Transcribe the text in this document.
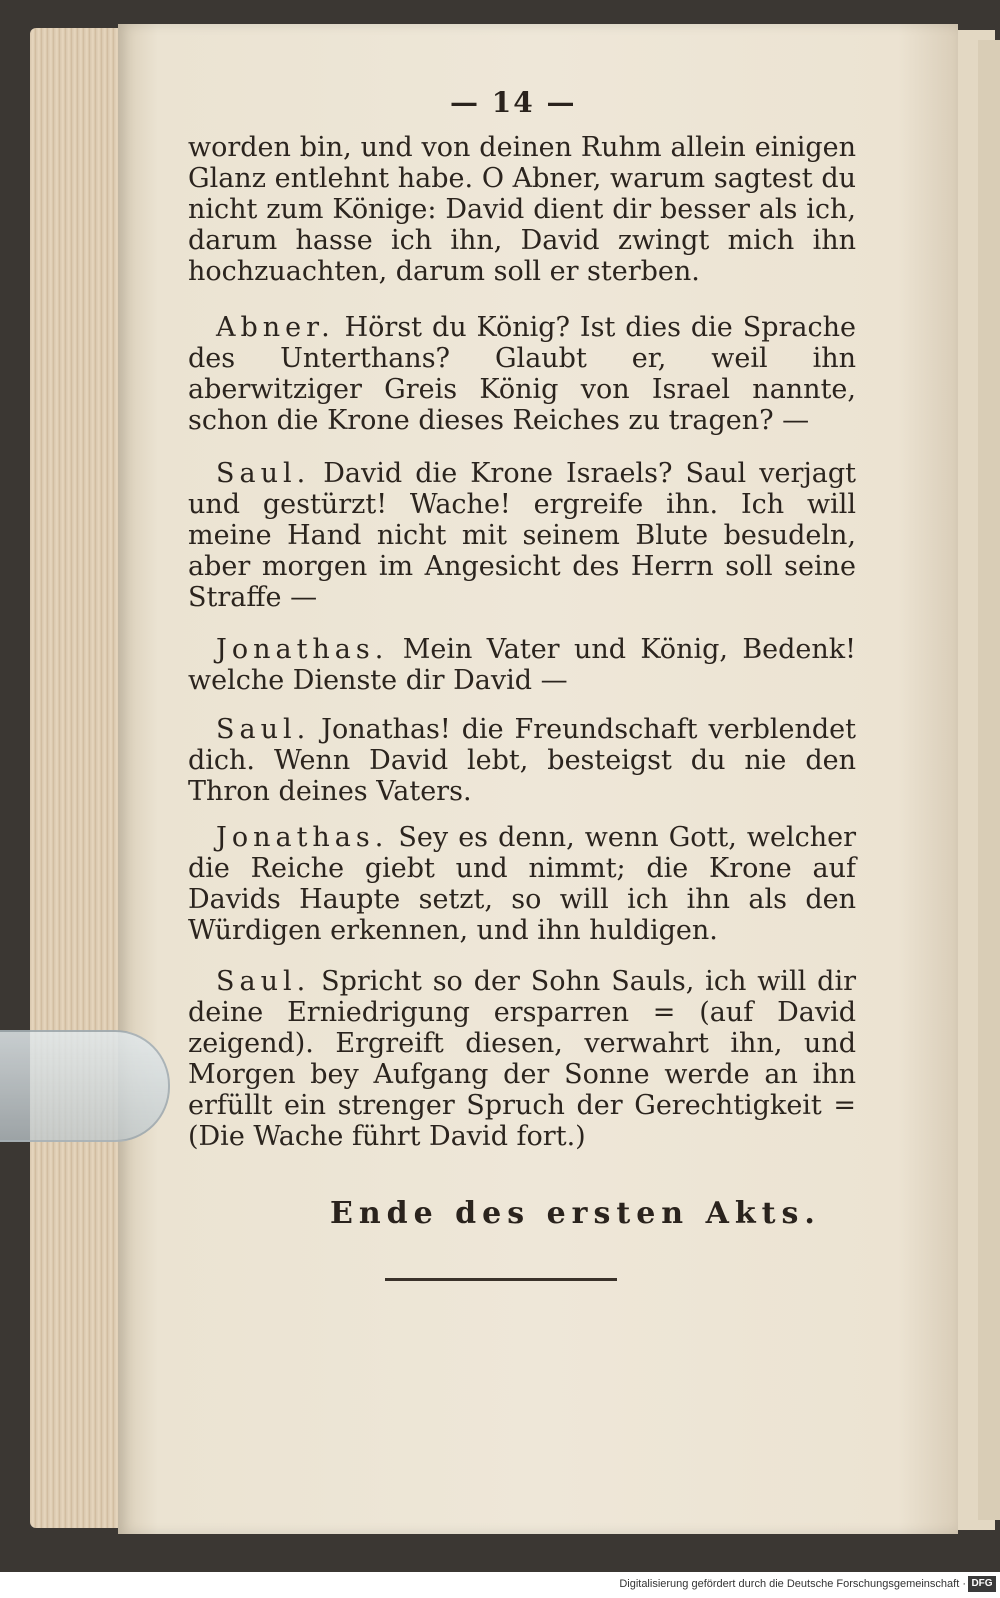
— 14 —

worden bin, und von deinen Ruhm allein einigen Glanz entlehnt habe. O Abner, warum sagtest du nicht zum Könige: David dient dir besser als ich, darum hasse ich ihn, David zwingt mich ihn hochzuachten, darum soll er sterben.

Abner. Hörst du König? Ist dies die Sprache des Unterthans? Glaubt er, weil ihn aberwitziger Greis König von Israel nannte, schon die Krone dieses Reiches zu tragen? —

Saul. David die Krone Israels? Saul verjagt und gestürzt! Wache! ergreife ihn. Ich will meine Hand nicht mit seinem Blute besudeln, aber morgen im Angesicht des Herrn soll seine Straffe —

Jonathas. Mein Vater und König, Bedenk! welche Dienste dir David —

Saul. Jonathas! die Freundschaft verblendet dich. Wenn David lebt, besteigst du nie den Thron deines Vaters.

Jonathas. Sey es denn, wenn Gott, welcher die Reiche giebt und nimmt; die Krone auf Davids Haupte setzt, so will ich ihn als den Würdigen erkennen, und ihn huldigen.

Saul. Spricht so der Sohn Sauls, ich will dir deine Erniedrigung ersparren = (auf David zeigend). Ergreift diesen, verwahrt ihn, und Morgen bey Aufgang der Sonne werde an ihn erfüllt ein strenger Spruch der Gerechtigkeit = (Die Wache führt David fort.)

Ende des ersten Akts.
Digitalisierung gefördert durch die Deutsche Forschungsgemeinschaft · DFG
